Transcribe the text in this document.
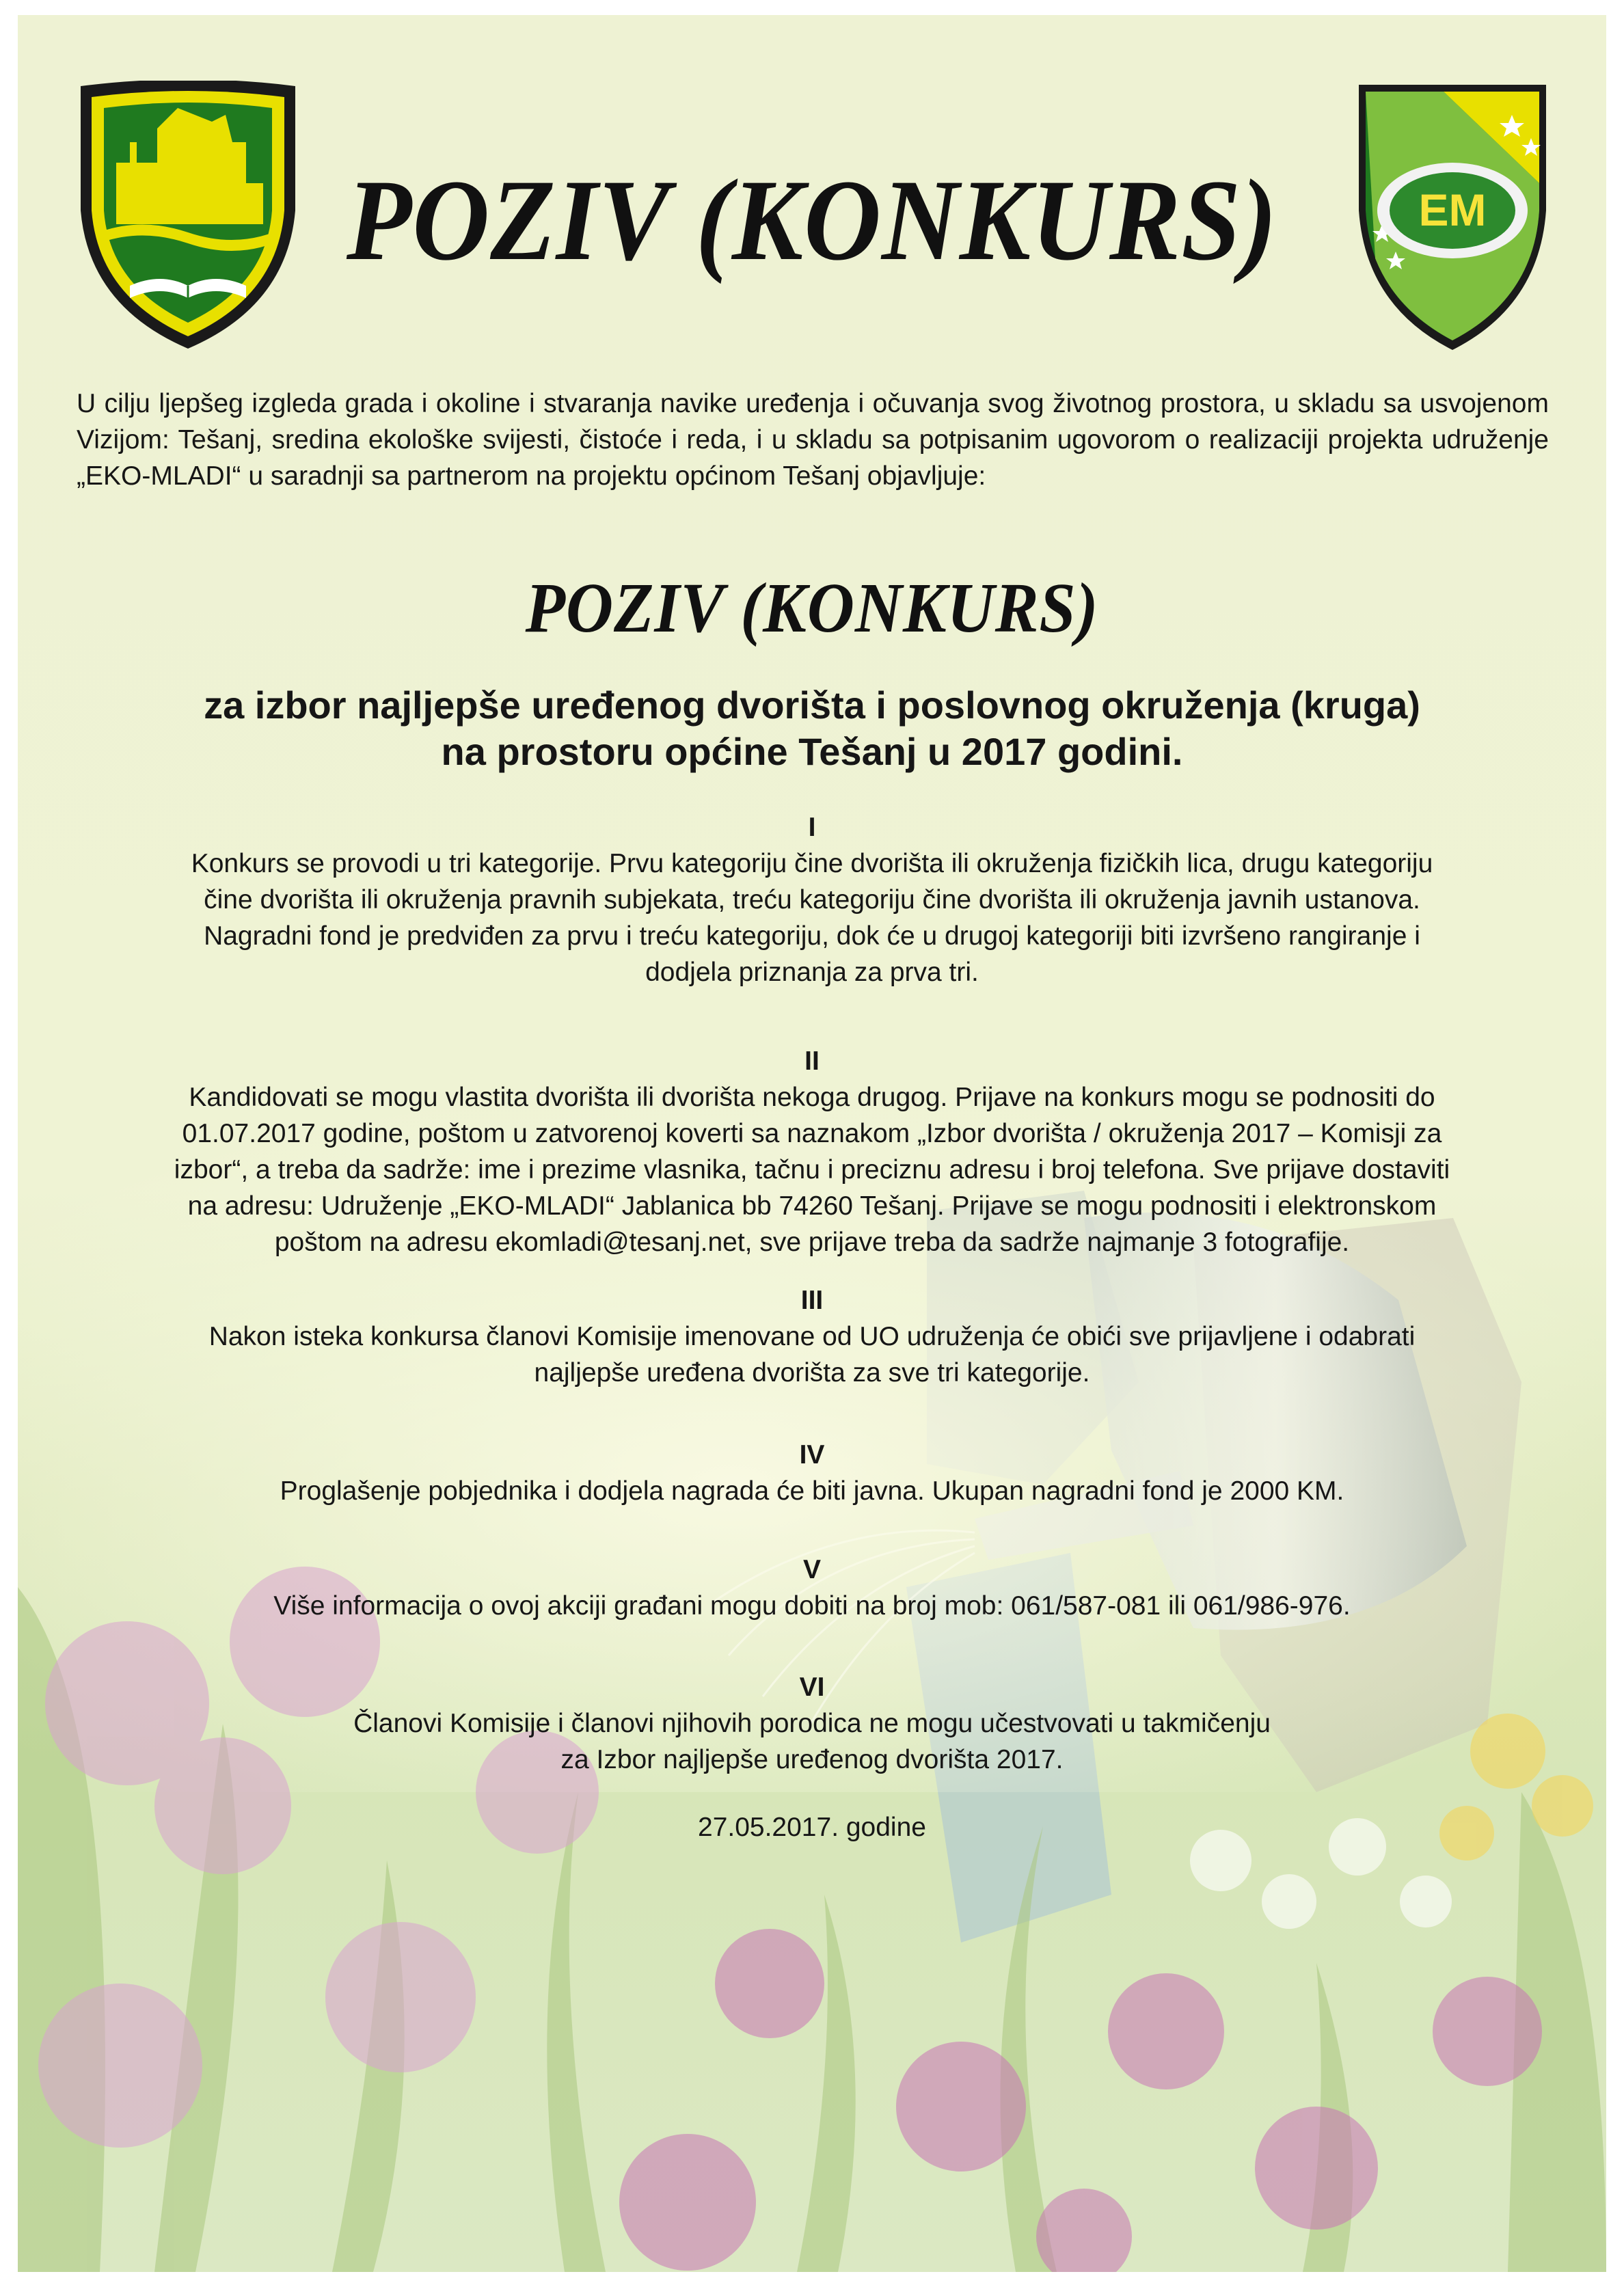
EM
POZIV (KONKURS)

U cilju ljepšeg izgleda grada i okoline i stvaranja navike uređenja i očuvanja svog životnog prostora, u skladu sa usvojenom Vizijom: Tešanj, sredina ekološke svijesti, čistoće i reda, i u skladu sa potpisanim ugovorom o realizaciji projekta udruženje „EKO-MLADI“ u saradnji sa partnerom na projektu općinom Tešanj objavljuje:

POZIV (KONKURS)
za izbor najljepše uređenog dvorišta i poslovnog okruženja (kruga)
na prostoru općine Tešanj u 2017 godini.
I
Konkurs se provodi u tri kategorije. Prvu kategoriju čine dvorišta ili okruženja fizičkih lica, drugu kategoriju
čine dvorišta ili okruženja pravnih subjekata, treću kategoriju čine dvorišta ili okruženja javnih ustanova.
Nagradni fond je predviđen za prvu i treću kategoriju, dok će u drugoj kategoriji biti izvršeno rangiranje i
dodjela priznanja za prva tri.
II
Kandidovati se mogu vlastita dvorišta ili dvorišta nekoga drugog. Prijave na konkurs mogu se podnositi do
01.07.2017 godine, poštom u zatvorenoj koverti sa naznakom „Izbor dvorišta / okruženja 2017 – Komisji za
izbor“, a treba da sadrže: ime i prezime vlasnika, tačnu i preciznu adresu i broj telefona. Sve prijave dostaviti
na adresu: Udruženje „EKO-MLADI“ Jablanica bb 74260 Tešanj. Prijave se mogu podnositi i elektronskom
poštom na adresu ekomladi@tesanj.net, sve prijave treba da sadrže najmanje 3 fotografije.
III
Nakon isteka konkursa članovi Komisije imenovane od UO udruženja će obići sve prijavljene i odabrati
najljepše uređena dvorišta za sve tri kategorije.
IV
Proglašenje pobjednika i dodjela nagrada će biti javna. Ukupan nagradni fond je 2000 KM.
V
Više informacija o ovoj akciji građani mogu dobiti na broj mob: 061/587-081 ili 061/986-976.
VI
Članovi Komisije i članovi njihovih porodica ne mogu učestvovati u takmičenju
za Izbor najljepše uređenog dvorišta 2017.
27.05.2017. godine
